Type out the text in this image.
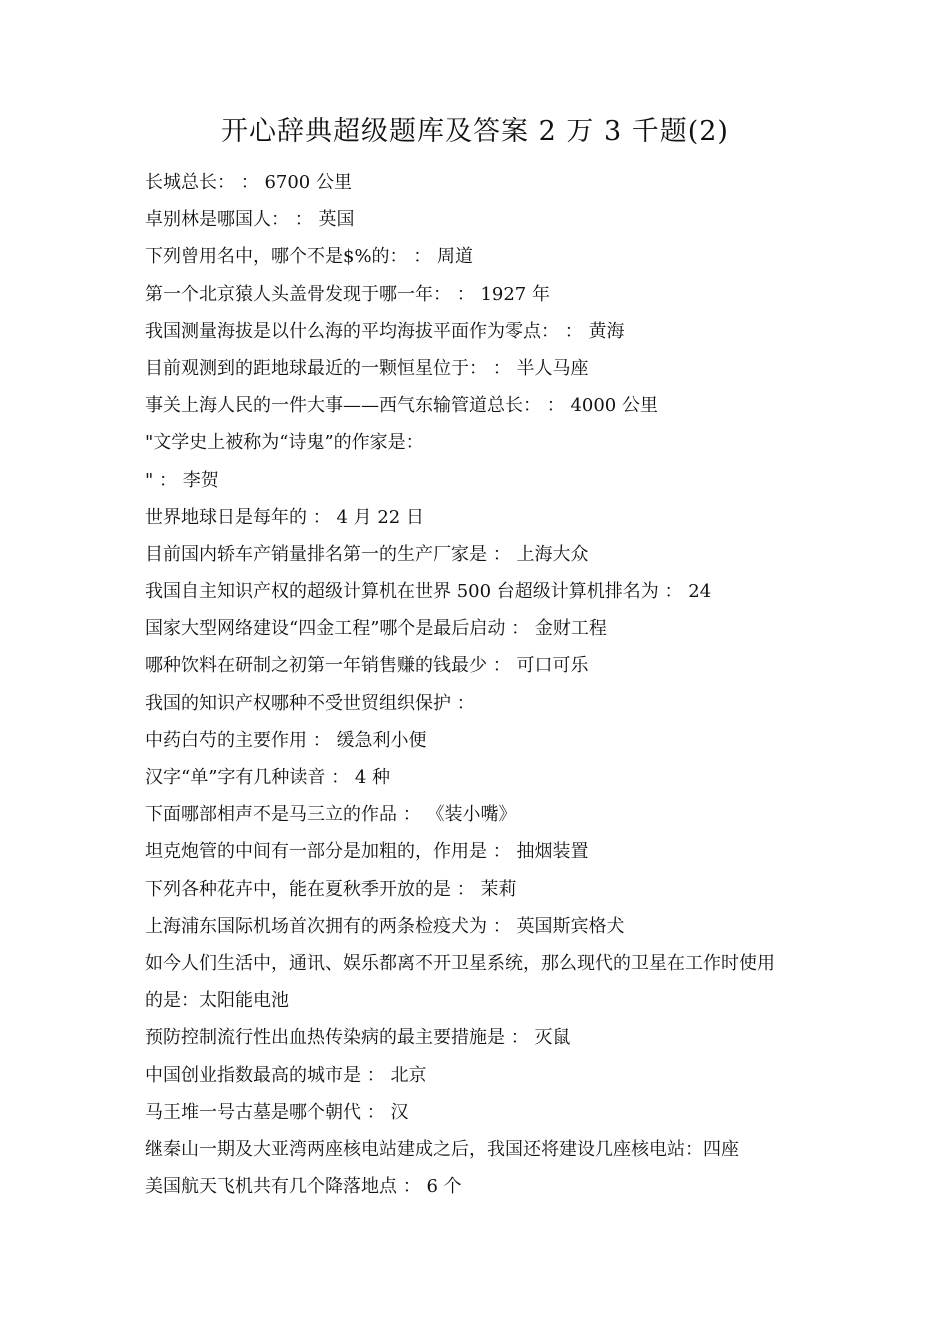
开心辞典超级题库及答案 2 万 3 千题(2)
长城总长： ： 6700 公里
卓别林是哪国人： ： 英国
下列曾用名中，哪个不是$%的： ： 周道
第一个北京猿人头盖骨发现于哪一年： ： 1927 年
我国测量海拔是以什么海的平均海拔平面作为零点： ： 黄海
目前观测到的距地球最近的一颗恒星位于： ： 半人马座
事关上海人民的一件大事——西气东输管道总长： ： 4000 公里
"文学史上被称为“诗鬼”的作家是：
" ： 李贺
世界地球日是每年的 ： 4 月 22 日
目前国内轿车产销量排名第一的生产厂家是 ： 上海大众
我国自主知识产权的超级计算机在世界 500 台超级计算机排名为 ： 24
国家大型网络建设“四金工程”哪个是最后启动 ： 金财工程
哪种饮料在研制之初第一年销售赚的钱最少 ： 可口可乐
我国的知识产权哪种不受世贸组织保护 ：
中药白芍的主要作用 ： 缓急利小便
汉字“单”字有几种读音 ： 4 种
下面哪部相声不是马三立的作品 ： 《装小嘴》
坦克炮管的中间有一部分是加粗的，作用是 ： 抽烟装置
下列各种花卉中，能在夏秋季开放的是 ： 茉莉
上海浦东国际机场首次拥有的两条检疫犬为 ： 英国斯宾格犬
如今人们生活中，通讯、娱乐都离不开卫星系统，那么现代的卫星在工作时使用
的是：太阳能电池
预防控制流行性出血热传染病的最主要措施是 ： 灭鼠
中国创业指数最高的城市是 ： 北京
马王堆一号古墓是哪个朝代 ： 汉
继秦山一期及大亚湾两座核电站建成之后，我国还将建设几座核电站：四座
美国航天飞机共有几个降落地点 ： 6 个
